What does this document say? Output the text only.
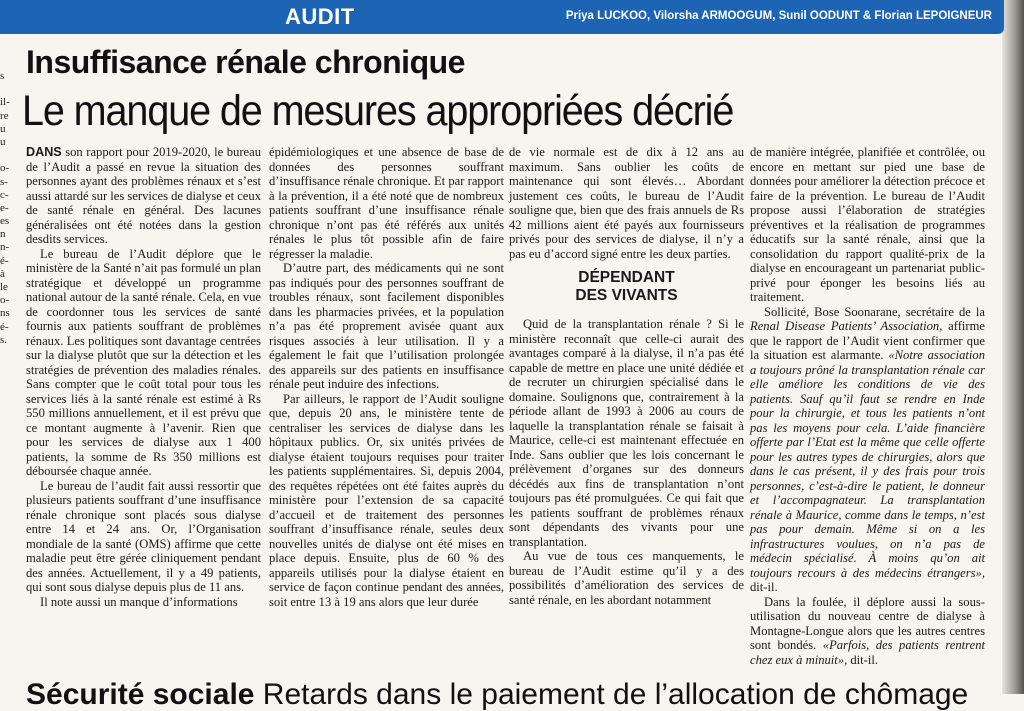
AUDIT	Priya LUCKOO, Vilorsha ARMOOGUM, Sunil OODUNT & Florian LEPOIGNEUR
s
il-
re
u
u
o-
s-
c-
e-
es
n
n-
é-
à
le
o-
ns
é-
s.
Insuffisance rénale chronique
Le manque de mesures appropriées décrié

DANS son rapport pour 2019-2020, le bureau de l’Audit a passé en revue la situation des personnes ayant des problèmes rénaux et s’est aussi attardé sur les services de dialyse et ceux de santé rénale en général. Des lacunes généralisées ont été notées dans la gestion desdits services.

Le bureau de l’Audit déplore que le ministère de la Santé n’ait pas formulé un plan stratégique et développé un programme national autour de la santé rénale. Cela, en vue de coordonner tous les services de santé fournis aux patients souffrant de problèmes rénaux. Les politiques sont davantage centrées sur la dialyse plutôt que sur la détection et les stratégies de prévention des maladies rénales. Sans compter que le coût total pour tous les services liés à la santé rénale est estimé à Rs 550 millions annuellement, et il est prévu que ce montant augmente à l’avenir. Rien que pour les services de dialyse aux 1 400 patients, la somme de Rs 350 millions est déboursée chaque année.

Le bureau de l’audit fait aussi ressortir que plusieurs patients souffrant d’une insuffisance rénale chronique sont placés sous dialyse entre 14 et 24 ans. Or, l’Organisation mondiale de la santé (OMS) affirme que cette maladie peut être gérée cliniquement pendant des années. Actuellement, il y a 49 patients, qui sont sous dialyse depuis plus de 11 ans.

Il note aussi un manque d’informations

épidémiologiques et une absence de base de données des personnes souffrant d’insuffisance rénale chronique. Et par rapport à la prévention, il a été noté que de nombreux patients souffrant d’une insuffisance rénale chronique n’ont pas été référés aux unités rénales le plus tôt possible afin de faire régresser la maladie.

D’autre part, des médicaments qui ne sont pas indiqués pour des personnes souffrant de troubles rénaux, sont facilement disponibles dans les pharmacies privées, et la population n’a pas été proprement avisée quant aux risques associés à leur utilisation. Il y a également le fait que l’utilisation prolongée des appareils sur des patients en insuffisance rénale peut induire des infections.

Par ailleurs, le rapport de l’Audit souligne que, depuis 20 ans, le ministère tente de centraliser les services de dialyse dans les hôpitaux publics. Or, six unités privées de dialyse étaient toujours requises pour traiter les patients supplémentaires. Si, depuis 2004, des requêtes répétées ont été faites auprès du ministère pour l’extension de sa capacité d’accueil et de traitement des personnes souffrant d’insuffisance rénale, seules deux nouvelles unités de dialyse ont été mises en place depuis. Ensuite, plus de 60 % des appareils utilisés pour la dialyse étaient en service de façon continue pendant des années, soit entre 13 à 19 ans alors que leur durée

de vie normale est de dix à 12 ans au maximum. Sans oublier les coûts de maintenance qui sont élevés… Abordant justement ces coûts, le bureau de l’Audit souligne que, bien que des frais annuels de Rs 42 millions aient été payés aux fournisseurs privés pour des services de dialyse, il n’y a pas eu d’accord signé entre les deux parties.

DÉPENDANT
DES VIVANTS

Quid de la transplantation rénale ? Si le ministère reconnaît que celle-ci aurait des avantages comparé à la dialyse, il n’a pas été capable de mettre en place une unité dédiée et de recruter un chirurgien spécialisé dans le domaine. Soulignons que, contrairement à la période allant de 1993 à 2006 au cours de laquelle la transplantation rénale se faisait à Maurice, celle-ci est maintenant effectuée en Inde. Sans oublier que les lois concernant le prélèvement d’organes sur des donneurs décédés aux fins de transplantation n’ont toujours pas été promulguées. Ce qui fait que les patients souffrant de problèmes rénaux sont dépendants des vivants pour une transplantation.

Au vue de tous ces manquements, le bureau de l’Audit estime qu’il y a des possibilités d’amélioration des services de santé rénale, en les abordant notamment

de manière intégrée, planifiée et contrôlée, ou encore en mettant sur pied une base de données pour améliorer la détection précoce et faire de la prévention. Le bureau de l’Audit propose aussi l’élaboration de stratégies préventives et la réalisation de programmes éducatifs sur la santé rénale, ainsi que la consolidation du rapport qualité-prix de la dialyse en encourageant un partenariat public-privé pour éponger les besoins liés au traitement.

Sollicité, Bose Soonarane, secrétaire de la Renal Disease Patients’ Association, affirme que le rapport de l’Audit vient confirmer que la situation est alarmante. «Notre association a toujours prôné la transplantation rénale car elle améliore les conditions de vie des patients. Sauf qu’il faut se rendre en Inde pour la chirurgie, et tous les patients n’ont pas les moyens pour cela. L’aide financière offerte par l’Etat est la même que celle offerte pour les autres types de chirurgies, alors que dans le cas présent, il y des frais pour trois personnes, c’est-à-dire le patient, le donneur et l’accompagnateur. La transplantation rénale à Maurice, comme dans le temps, n’est pas pour demain. Même si on a les infrastructures voulues, on n’a pas de médecin spécialisé. À moins qu’on ait toujours recours à des médecins étrangers», dit-il.

Dans la foulée, il déplore aussi la sous-utilisation du nouveau centre de dialyse à Montagne-Longue alors que les autres centres sont bondés. «Parfois, des patients rentrent chez eux à minuit», dit-il.

Sécurité sociale Retards dans le paiement de l’allocation de chômage
